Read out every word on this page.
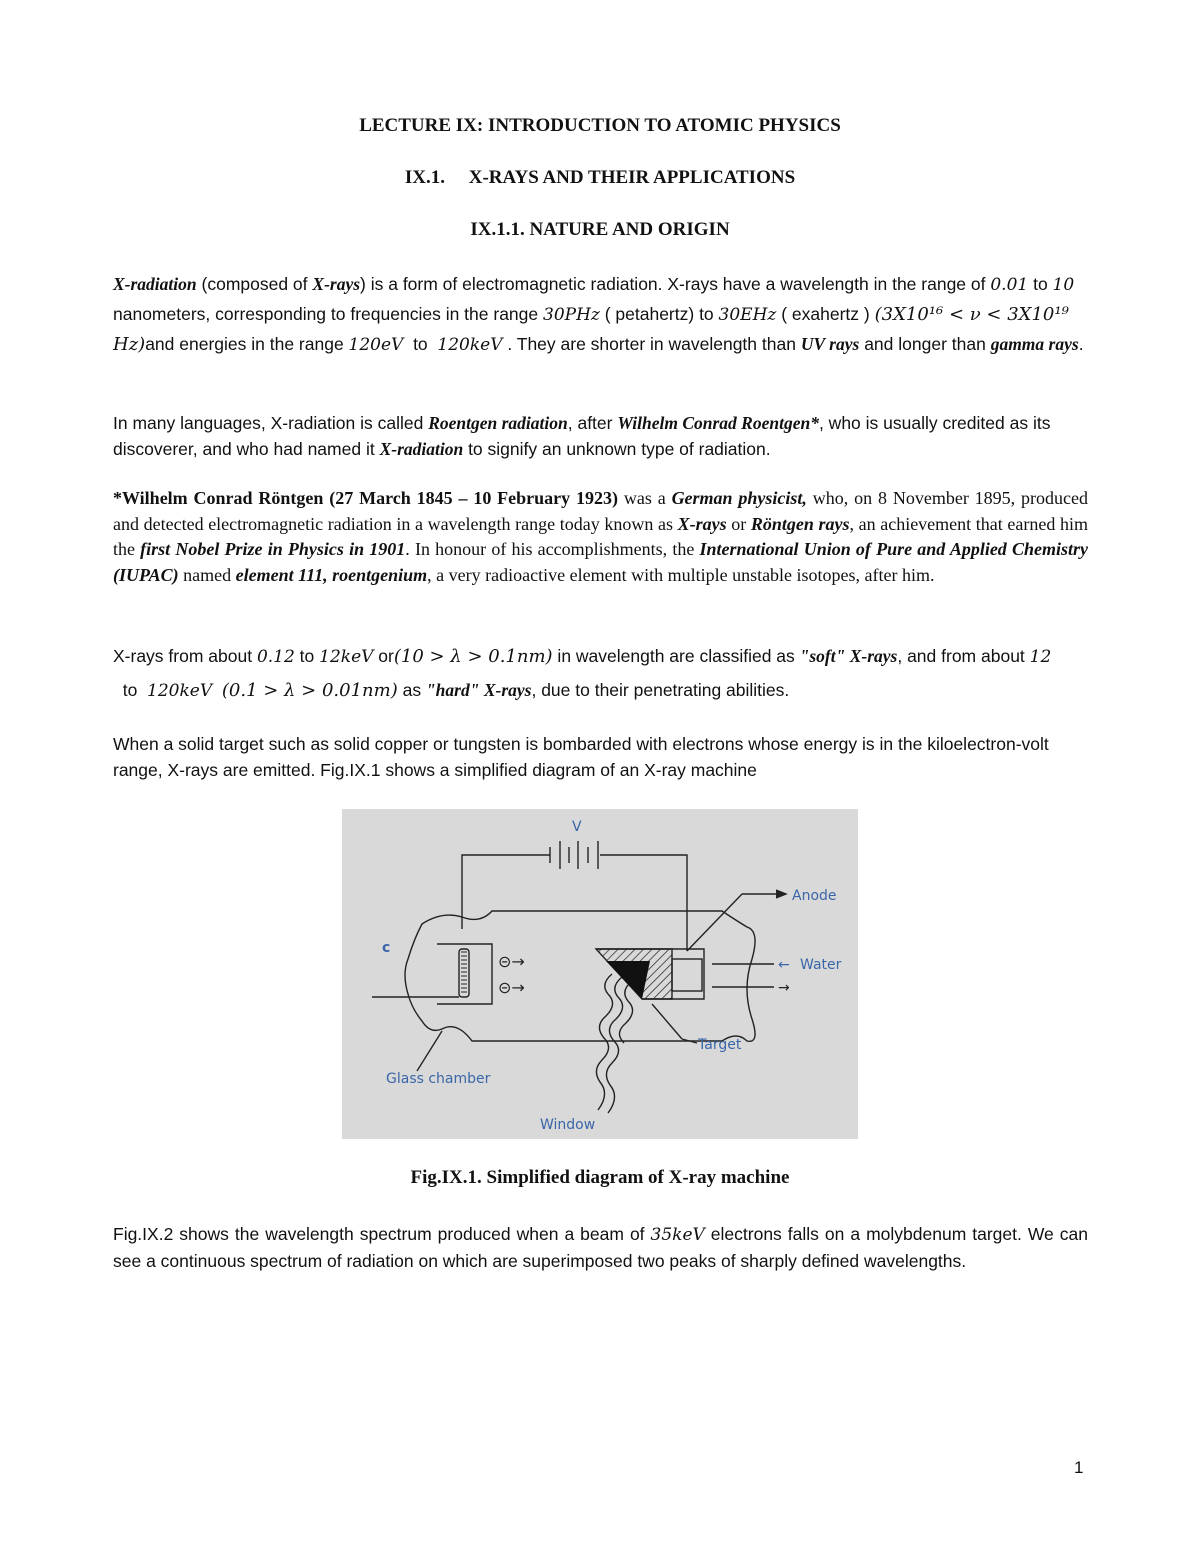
LECTURE IX: INTRODUCTION TO ATOMIC PHYSICS
IX.1.     X-RAYS AND THEIR APPLICATIONS
IX.1.1. NATURE AND ORIGIN
X-radiation (composed of X-rays) is a form of electromagnetic radiation. X-rays have a wavelength in the range of 0.01 to 10 nanometers, corresponding to frequencies in the range 30PHz ( petahertz) to 30EHz ( exahertz ) (3X10¹⁶ < ν < 3X10¹⁹ Hz)and energies in the range 120eV  to  120keV . They are shorter in wavelength than UV rays and longer than gamma rays.
In many languages, X-radiation is called Roentgen radiation, after Wilhelm Conrad Roentgen*, who is usually credited as its discoverer, and who had named it X-radiation to signify an unknown type of radiation.
*Wilhelm Conrad Röntgen (27 March 1845 – 10 February 1923) was a German physicist, who, on 8 November 1895, produced and detected electromagnetic radiation in a wavelength range today known as X-rays or Röntgen rays, an achievement that earned him the first Nobel Prize in Physics in 1901. In honour of his accomplishments, the International Union of Pure and Applied Chemistry (IUPAC) named element 111, roentgenium, a very radioactive element with multiple unstable isotopes, after him.
X-rays from about 0.12 to 12keV or(10 > λ > 0.1nm) in wavelength are classified as "soft" X-rays, and from about 12  to  120keV (0.1 > λ > 0.01nm) as "hard" X-rays, due to their penetrating abilities.
When a solid target such as solid copper or tungsten is bombarded with electrons whose energy is in the kiloelectron-volt range, X-rays are emitted. Fig.IX.1 shows a simplified diagram of an X-ray machine
V
Anode
c
Water
←
→
⊝→
⊝→
Target
Glass chamber
Window
Fig.IX.1. Simplified diagram of X-ray machine
Fig.IX.2 shows the wavelength spectrum produced when a beam of 35keV electrons falls on a molybdenum target. We can see a continuous spectrum of radiation on which are superimposed two peaks of sharply defined wavelengths.
1
